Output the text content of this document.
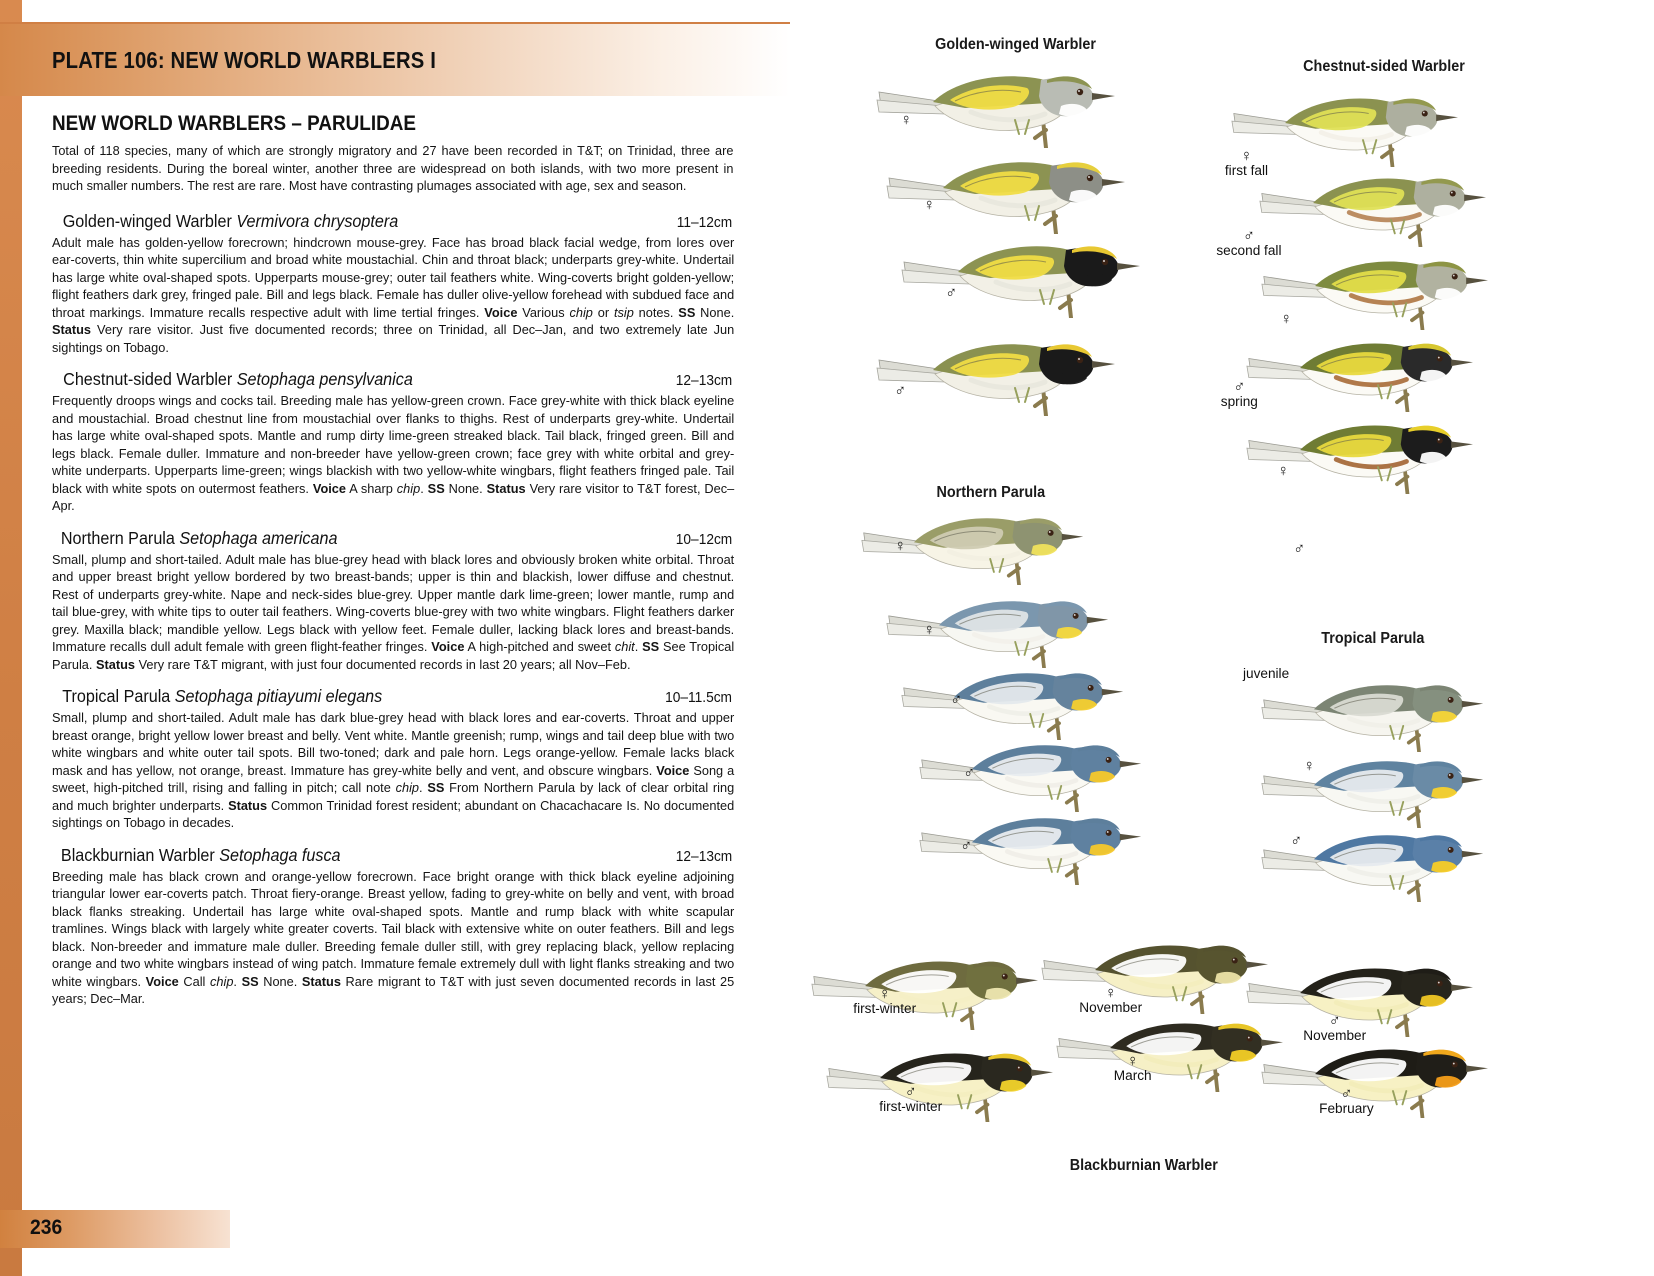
PLATE 106: NEW WORLD WARBLERS I
NEW WORLD WARBLERS – PARULIDAE

Total of 118 species, many of which are strongly migratory and 27 have been recorded in T&T; on Trinidad, three are breeding residents. During the boreal winter, another three are widespread on both islands, with two more present in much smaller numbers. The rest are rare. Most have contrasting plumages associated with age, sex and season.

Golden-winged Warbler Vermivora chrysoptera	11–12cm

Adult male has golden-yellow forecrown; hindcrown mouse-grey. Face has broad black facial wedge, from lores over ear-coverts, thin white supercilium and broad white moustachial. Chin and throat black; underparts grey-white. Undertail has large white oval-shaped spots. Upperparts mouse-grey; outer tail feathers white. Wing-coverts bright golden-yellow; flight feathers dark grey, fringed pale. Bill and legs black. Female has duller olive-yellow forehead with subdued face and throat markings. Immature recalls respective adult with lime tertial fringes. Voice Various chip or tsip notes. SS None. Status Very rare visitor. Just five documented records; three on Trinidad, all Dec–Jan, and two extremely late Jun sightings on Tobago.

Chestnut-sided Warbler Setophaga pensylvanica	12–13cm

Frequently droops wings and cocks tail. Breeding male has yellow-green crown. Face grey-white with thick black eyeline and moustachial. Broad chestnut line from moustachial over flanks to thighs. Rest of underparts grey-white. Undertail has large white oval-shaped spots. Mantle and rump dirty lime-green streaked black. Tail black, fringed green. Bill and legs black. Female duller. Immature and non-breeder have yellow-green crown; face grey with white orbital and grey-white underparts. Upperparts lime-green; wings blackish with two yellow-white wingbars, flight feathers fringed pale. Tail black with white spots on outermost feathers. Voice A sharp chip. SS None. Status Very rare visitor to T&T forest, Dec–Apr.

Northern Parula Setophaga americana	10–12cm

Small, plump and short-tailed. Adult male has blue-grey head with black lores and obviously broken white orbital. Throat and upper breast bright yellow bordered by two breast-bands; upper is thin and blackish, lower diffuse and chestnut. Rest of underparts grey-white. Nape and neck-sides blue-grey. Upper mantle dark lime-green; lower mantle, rump and tail blue-grey, with white tips to outer tail feathers. Wing-coverts blue-grey with two white wingbars. Flight feathers darker grey. Maxilla black; mandible yellow. Legs black with yellow feet. Female duller, lacking black lores and breast-bands. Immature recalls dull adult female with green flight-feather fringes. Voice A high-pitched and sweet chit. SS See Tropical Parula. Status Very rare T&T migrant, with just four documented records in last 20 years; all Nov–Feb.

Tropical Parula Setophaga pitiayumi elegans	10–11.5cm

Small, plump and short-tailed. Adult male has dark blue-grey head with black lores and ear-coverts. Throat and upper breast orange, bright yellow lower breast and belly. Vent white. Mantle greenish; rump, wings and tail deep blue with two white wingbars and white outer tail spots. Bill two-toned; dark and pale horn. Legs orange-yellow. Female lacks black mask and has yellow, not orange, breast. Immature has grey-white belly and vent, and obscure wingbars. Voice Song a sweet, high-pitched trill, rising and falling in pitch; call note chip. SS From Northern Parula by lack of clear orbital ring and much brighter underparts. Status Common Trinidad forest resident; abundant on Chacachacare Is. No documented sightings on Tobago in decades.

Blackburnian Warbler Setophaga fusca	12–13cm

Breeding male has black crown and orange-yellow forecrown. Face bright orange with thick black eyeline adjoining triangular lower ear-coverts patch. Throat fiery-orange. Breast yellow, fading to grey-white on belly and vent, with broad black flanks streaking. Undertail has large white oval-shaped spots. Mantle and rump black with white scapular tramlines. Wings black with largely white greater coverts. Tail black with extensive white on outer feathers. Bill and legs black. Non-breeder and immature male duller. Breeding female duller still, with grey replacing black, yellow replacing orange and two white wingbars instead of wing patch. Immature female extremely dull with light flanks streaking and two white wingbars. Voice Call chip. SS None. Status Rare migrant to T&T with just seven documented records in last 25 years; Dec–Mar.

236
Golden-winged Warbler
Chestnut-sided Warbler
Northern Parula
Tropical Parula
Blackburnian Warbler
♀
♀
♂
♂
♀
first fall
♂
second fall
♀
♂
spring
♀
♂
♀
♀
♂
♂
♂
juvenile
♀
♂
♀
first-winter
♂
first-winter
♀
November
♀
March
♂
November
♂
February
